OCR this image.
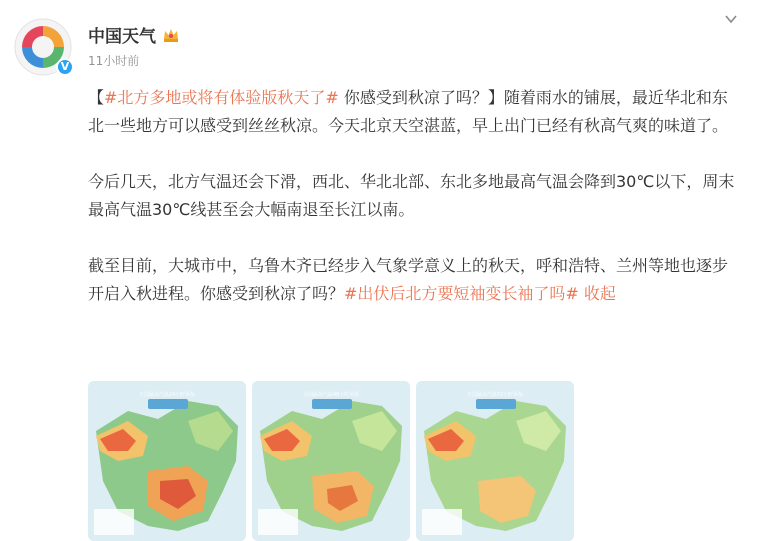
V
中国天气
11小时前

【#北方多地或将有体验版秋天了# 你感受到秋凉了吗？】随着雨水的铺展，最近华北和东北一些地方可以感受到丝丝秋凉。今天北京天空湛蓝，早上出门已经有秋高气爽的味道了。

今后几天，北方气温还会下滑，西北、华北北部、东北多地最高气温会降到30℃以下，周末最高气温30℃线甚至会大幅南退至长江以南。

截至目前，大城市中，乌鲁木齐已经步入气象学意义上的秋天，呼和浩特、兰州等地也逐步开启入秋进程。你感受到秋凉了吗？#出伏后北方要短袖变长袖了吗# 收起

全国最高气温24小时预报	全国最高气温48小时预报	全国最高气温72小时预报
